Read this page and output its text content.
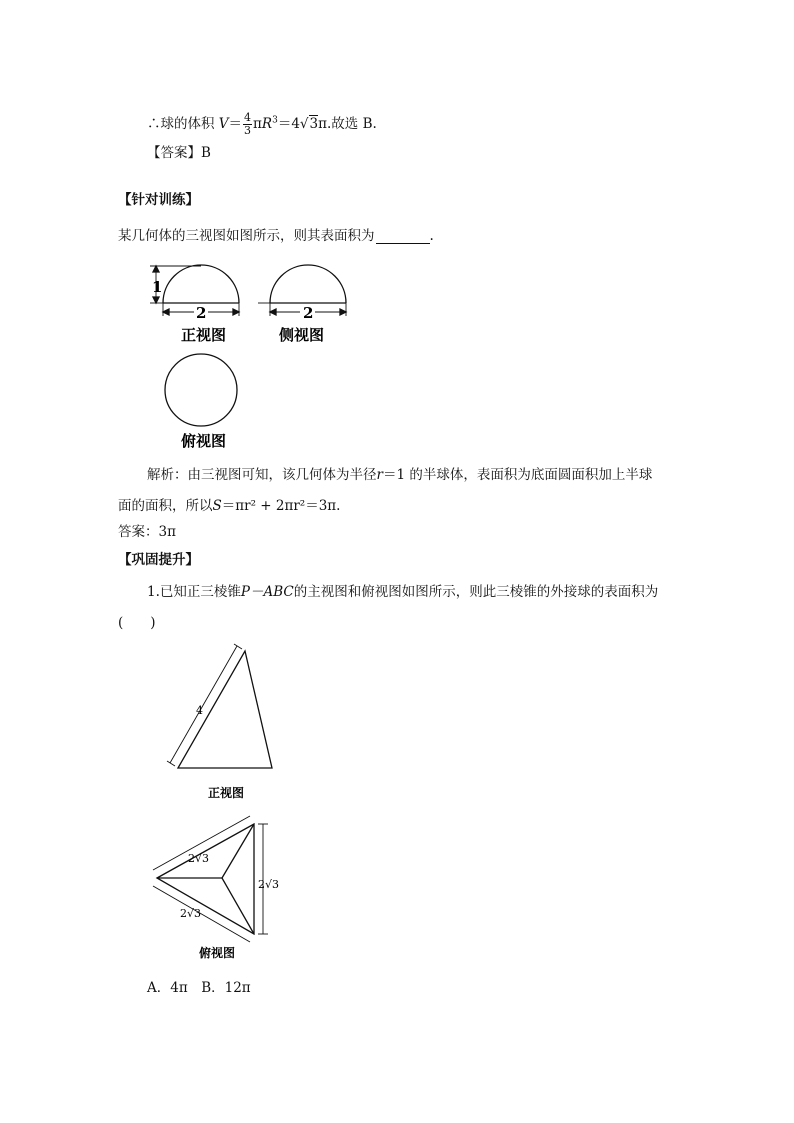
∴球的体积 $V= \frac{4}{3} \pi R^3=4√3\pi$.故选 B.
【答案】B
【针对训练】
某几何体的三视图如图所示，则其表面积为	.
1
2
正视图
2
侧视图
俯视图
解析：由三视图可知，该几何体为半径r＝1 的半球体，表面积为底面圆面积加上半球
面的面积，所以S＝πr² + 2πr²＝3π.
答案：3π
【巩固提升】
1.已知正三棱锥P－ABC的主视图和俯视图如图所示，则此三棱锥的外接球的表面积为
(　　)
4
正视图
2√3
2√3
2√3
俯视图
A．4π　B．12π
